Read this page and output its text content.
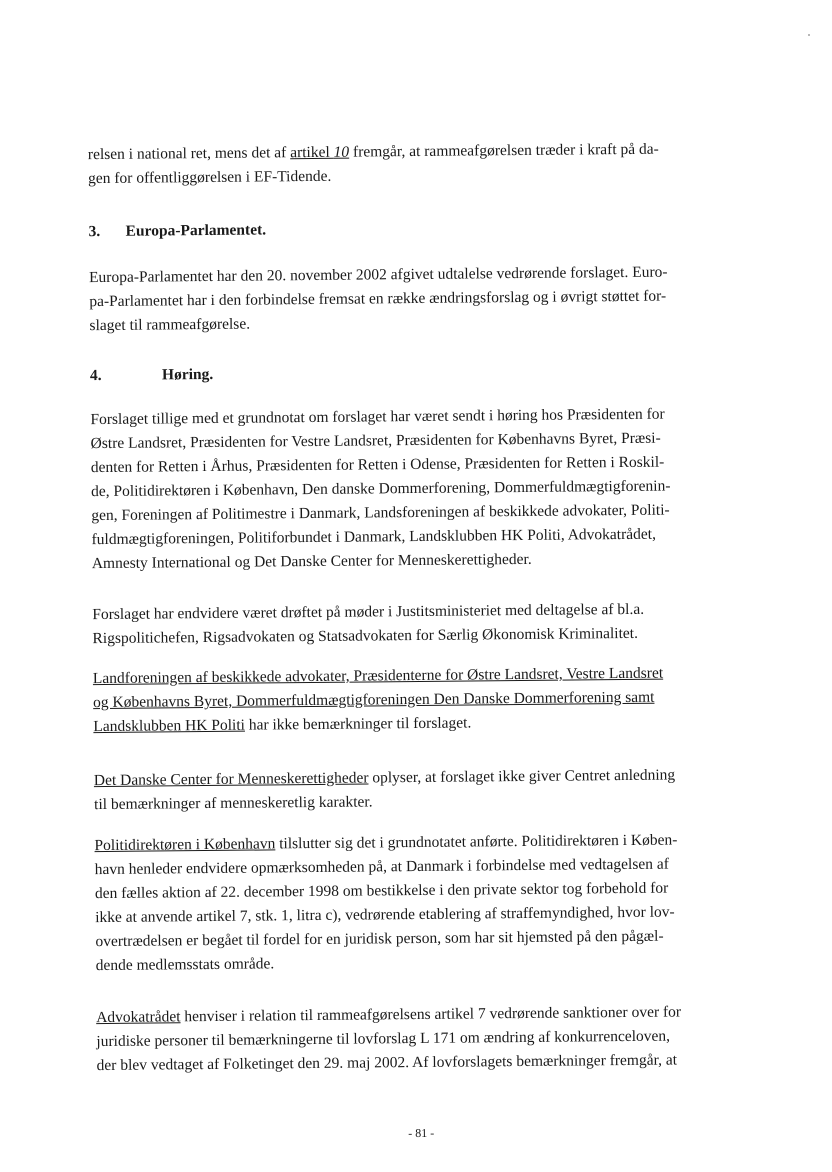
relsen i national ret, mens det af artikel 10 fremgår, at rammeafgørelsen træder i kraft på da-
gen for offentliggørelsen i EF-Tidende.
3. Europa-Parlamentet.
Europa-Parlamentet har den 20. november 2002 afgivet udtalelse vedrørende forslaget. Euro-
pa-Parlamentet har i den forbindelse fremsat en række ændringsforslag og i øvrigt støttet for-
slaget til rammeafgørelse.
4.	Høring.
Forslaget tillige med et grundnotat om forslaget har været sendt i høring hos Præsidenten for
Østre Landsret, Præsidenten for Vestre Landsret, Præsidenten for Københavns Byret, Præsi-
denten for Retten i Århus, Præsidenten for Retten i Odense, Præsidenten for Retten i Roskil-
de, Politidirektøren i København, Den danske Dommerforening, Dommerfuldmægtigforenin-
gen, Foreningen af Politimestre i Danmark, Landsforeningen af beskikkede advokater, Politi-
fuldmægtigforeningen, Politiforbundet i Danmark, Landsklubben HK Politi, Advokatrådet,
Amnesty International og Det Danske Center for Menneskerettigheder.
Forslaget har endvidere været drøftet på møder i Justitsministeriet med deltagelse af bl.a.
Rigspolitichefen, Rigsadvokaten og Statsadvokaten for Særlig Økonomisk Kriminalitet.
Landforeningen af beskikkede advokater, Præsidenterne for Østre Landsret, Vestre Landsret
og Københavns Byret, Dommerfuldmægtigforeningen Den Danske Dommerforening samt
Landsklubben HK Politi har ikke bemærkninger til forslaget.
Det Danske Center for Menneskerettigheder oplyser, at forslaget ikke giver Centret anledning
til bemærkninger af menneskeretlig karakter.
Politidirektøren i København tilslutter sig det i grundnotatet anførte. Politidirektøren i Køben-
havn henleder endvidere opmærksomheden på, at Danmark i forbindelse med vedtagelsen af
den fælles aktion af 22. december 1998 om bestikkelse i den private sektor tog forbehold for
ikke at anvende artikel 7, stk. 1, litra c), vedrørende etablering af straffemyndighed, hvor lov-
overtrædelsen er begået til fordel for en juridisk person, som har sit hjemsted på den pågæl-
dende medlemsstats område.
Advokatrådet henviser i relation til rammeafgørelsens artikel 7 vedrørende sanktioner over for
juridiske personer til bemærkningerne til lovforslag L 171 om ændring af konkurrenceloven,
der blev vedtaget af Folketinget den 29. maj 2002. Af lovforslagets bemærkninger fremgår, at
- 81 -
